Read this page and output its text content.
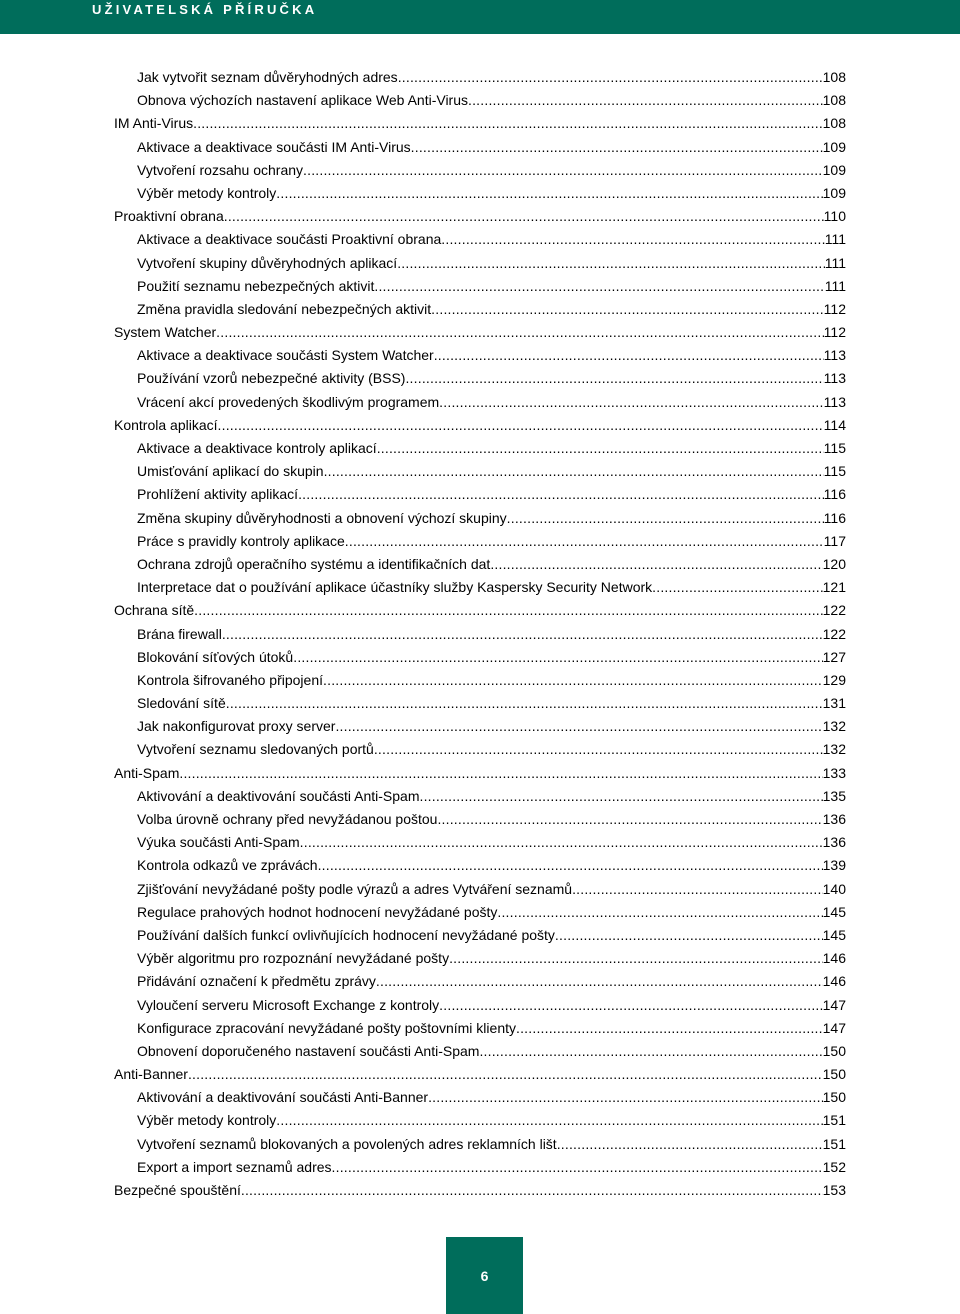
UŽIVATELSKÁ PŘÍRUČKA
Jak vytvořit seznam důvěryhodných adres .....	108
Obnova výchozích nastavení aplikace Web Anti-Virus .....	108
IM Anti-Virus .....	108
Aktivace a deaktivace součásti IM Anti-Virus .....	109
Vytvoření rozsahu ochrany .....	109
Výběr metody kontroly .....	109
Proaktivní obrana .....	110
Aktivace a deaktivace součásti Proaktivní obrana .....	111
Vytvoření skupiny důvěryhodných aplikací .....	111
Použití seznamu nebezpečných aktivit .....	111
Změna pravidla sledování nebezpečných aktivit .....	112
System Watcher .....	112
Aktivace a deaktivace součásti System Watcher .....	113
Používání vzorů nebezpečné aktivity (BSS) .....	113
Vrácení akcí provedených škodlivým programem .....	113
Kontrola aplikací .....	114
Aktivace a deaktivace kontroly aplikací .....	115
Umisťování aplikací do skupin .....	115
Prohlížení aktivity aplikací .....	116
Změna skupiny důvěryhodnosti a obnovení výchozí skupiny .....	116
Práce s pravidly kontroly aplikace .....	117
Ochrana zdrojů operačního systému a identifikačních dat .....	120
Interpretace dat o používání aplikace účastníky služby Kaspersky Security Network .....	121
Ochrana sítě .....	122
Brána firewall .....	122
Blokování síťových útoků .....	127
Kontrola šifrovaného připojení .....	129
Sledování sítě .....	131
Jak nakonfigurovat proxy server .....	132
Vytvoření seznamu sledovaných portů .....	132
Anti-Spam .....	133
Aktivování a deaktivování součásti Anti-Spam .....	135
Volba úrovně ochrany před nevyžádanou poštou .....	136
Výuka součásti Anti-Spam .....	136
Kontrola odkazů ve zprávách .....	139
Zjišťování nevyžádané pošty podle výrazů a adres Vytváření seznamů .....	140
Regulace prahových hodnot hodnocení nevyžádané pošty .....	145
Používání dalších funkcí ovlivňujících hodnocení nevyžádané pošty .....	145
Výběr algoritmu pro rozpoznání nevyžádané pošty .....	146
Přidávání označení k předmětu zprávy .....	146
Vyloučení serveru Microsoft Exchange z kontroly .....	147
Konfigurace zpracování nevyžádané pošty poštovními klienty .....	147
Obnovení doporučeného nastavení součásti Anti-Spam .....	150
Anti-Banner .....	150
Aktivování a deaktivování součásti Anti-Banner .....	150
Výběr metody kontroly .....	151
Vytvoření seznamů blokovaných a povolených adres reklamních lišt .....	151
Export a import seznamů adres .....	152
Bezpečné spouštění .....	153
6
